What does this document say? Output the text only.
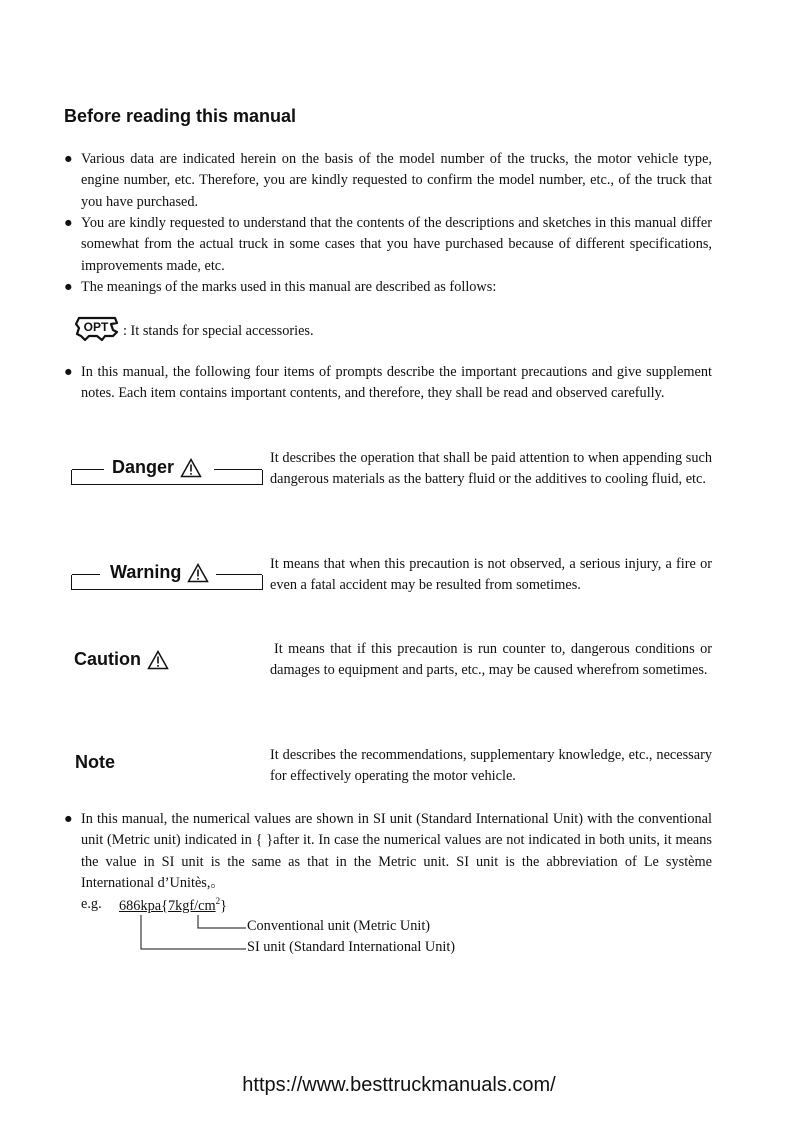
Before reading this manual
● Various data are indicated herein on the basis of the model number of the trucks, the motor vehicle type, engine number, etc. Therefore, you are kindly requested to confirm the model number, etc., of the truck that you have purchased.
● You are kindly requested to understand that the contents of the descriptions and sketches in this manual differ somewhat from the actual truck in some cases that you have purchased because of different specifications, improvements made, etc.
● The meanings of the marks used in this manual are described as follows:
OPT : It stands for special accessories.
● In this manual, the following four items of prompts describe the important precautions and give supplement notes. Each item contains important contents, and therefore, they shall be read and observed carefully.
Danger	It describes the operation that shall be paid attention to when appending such dangerous materials as the battery fluid or the additives to cooling fluid, etc.
Warning	It means that when this precaution is not observed, a serious injury, a fire or even a fatal accident may be resulted from sometimes.
Caution	It means that if this precaution is run counter to, dangerous conditions or damages to equipment and parts, etc., may be caused wherefrom sometimes.
Note	It describes the recommendations, supplementary knowledge, etc., necessary for effectively operating the motor vehicle.
● In this manual, the numerical values are shown in SI unit (Standard International Unit) with the conventional unit (Metric unit) indicated in { }after it. In case the numerical values are not indicated in both units, it means the value in SI unit is the same as that in the Metric unit. SI unit is the abbreviation of Le système International d’Unitès,。
e.g. $686kpa\{7kgf/cm^2\}$
Conventional unit (Metric Unit)
SI unit (Standard International Unit)
https://www.besttruckmanuals.com/
